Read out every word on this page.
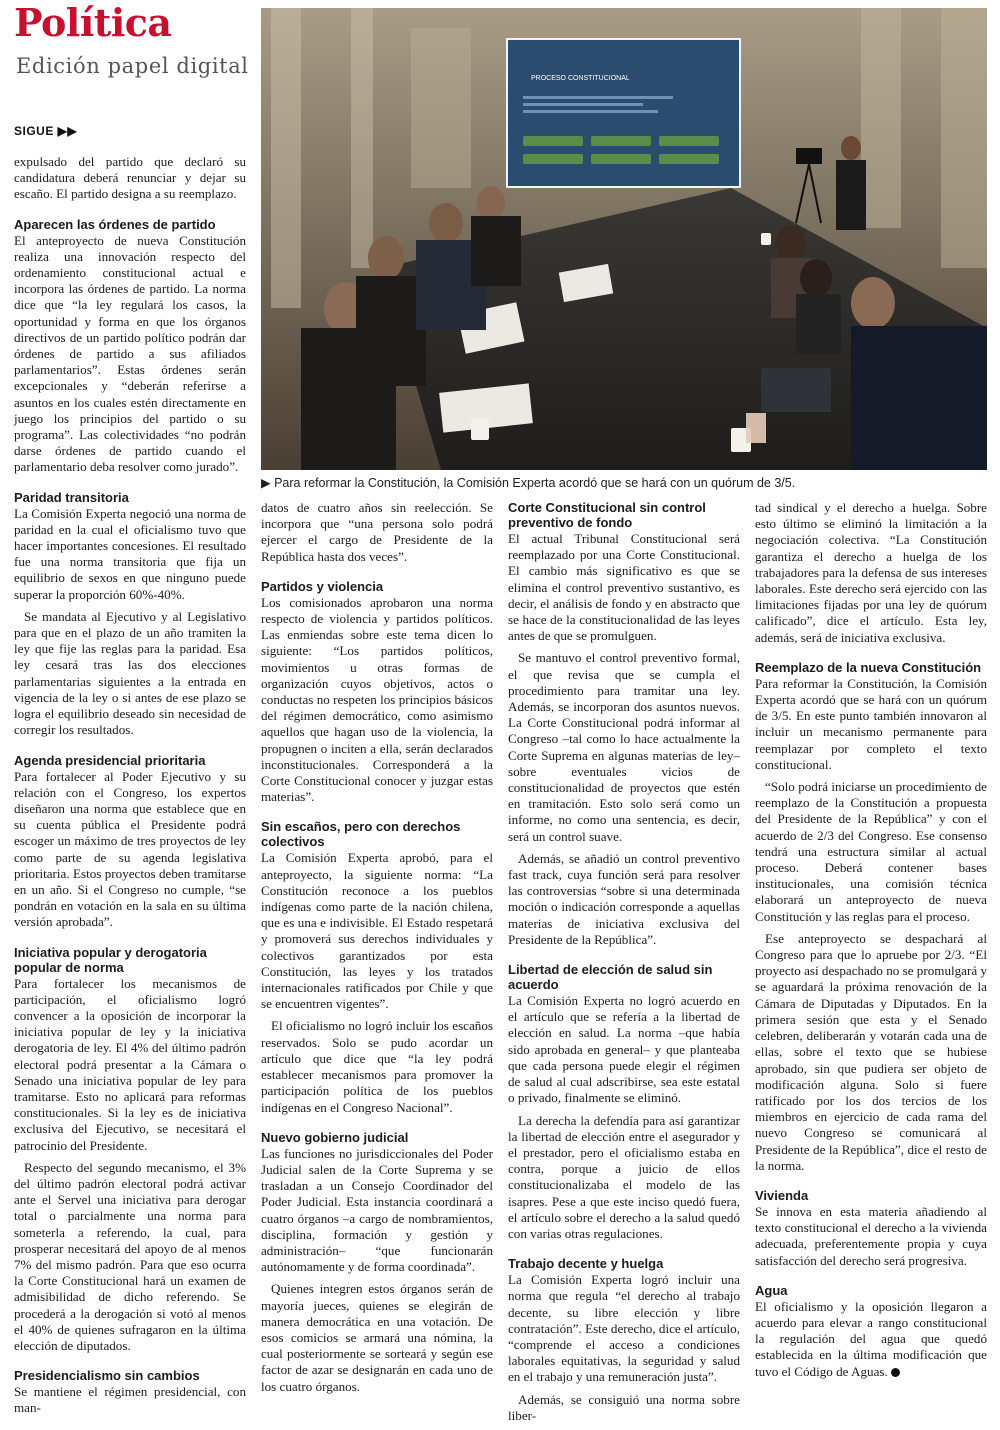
Política
Edición papel digital
SIGUE ▶▶
PROCESO CONSTITUCIONAL
▶ Para reformar la Constitución, la Comisión Experta acordó que se hará con un quórum de 3/5.

expulsado del partido que declaró su candidatura deberá renunciar y dejar su escaño. El partido designa a su reemplazo.

Aparecen las órdenes de partido

El anteproyecto de nueva Constitución realiza una innovación respecto del ordenamiento constitucional actual e incorpora las órdenes de partido. La norma dice que “la ley regulará los casos, la oportunidad y forma en que los órganos directivos de un partido político podrán dar órdenes de partido a sus afiliados parlamentarios”. Estas órdenes serán excepcionales y “deberán referirse a asuntos en los cuales estén directamente en juego los principios del partido o su programa”. Las colectividades “no podrán darse órdenes de partido cuando el parlamentario deba resolver como jurado”.

Paridad transitoria

La Comisión Experta negoció una norma de paridad en la cual el oficialismo tuvo que hacer importantes concesiones. El resultado fue una norma transitoria que fija un equilibrio de sexos en que ninguno puede superar la proporción 60%-40%.

Se mandata al Ejecutivo y al Legislativo para que en el plazo de un año tramiten la ley que fije las reglas para la paridad. Esa ley cesará tras las dos elecciones parlamentarias siguientes a la entrada en vigencia de la ley o si antes de ese plazo se logra el equilibrio deseado sin necesidad de corregir los resultados.

Agenda presidencial prioritaria

Para fortalecer al Poder Ejecutivo y su relación con el Congreso, los expertos diseñaron una norma que establece que en su cuenta pública el Presidente podrá escoger un máximo de tres proyectos de ley como parte de su agenda legislativa prioritaria. Estos proyectos deben tramitarse en un año. Si el Congreso no cumple, “se pondrán en votación en la sala en su última versión aprobada”.

Iniciativa popular y derogatoria popular de norma

Para fortalecer los mecanismos de participación, el oficialismo logró convencer a la oposición de incorporar la iniciativa popular de ley y la iniciativa derogatoria de ley. El 4% del último padrón electoral podrá presentar a la Cámara o Senado una iniciativa popular de ley para tramitarse. Esto no aplicará para reformas constitucionales. Si la ley es de iniciativa exclusiva del Ejecutivo, se necesitará el patrocinio del Presidente.

Respecto del segundo mecanismo, el 3% del último padrón electoral podrá activar ante el Servel una iniciativa para derogar total o parcialmente una norma para someterla a referendo, la cual, para prosperar necesitará del apoyo de al menos 7% del mismo padrón. Para que eso ocurra la Corte Constitucional hará un examen de admisibilidad de dicho referendo. Se procederá a la derogación si votó al menos el 40% de quienes sufragaron en la última elección de diputados.

Presidencialismo sin cambios

Se mantiene el régimen presidencial, con man-

datos de cuatro años sin reelección. Se incorpora que “una persona solo podrá ejercer el cargo de Presidente de la República hasta dos veces”.

Partidos y violencia

Los comisionados aprobaron una norma respecto de violencia y partidos políticos. Las enmiendas sobre este tema dicen lo siguiente: “Los partidos políticos, movimientos u otras formas de organización cuyos objetivos, actos o conductas no respeten los principios básicos del régimen democrático, como asimismo aquellos que hagan uso de la violencia, la propugnen o inciten a ella, serán declarados inconstitucionales. Corresponderá a la Corte Constitucional conocer y juzgar estas materias”.

Sin escaños, pero con derechos colectivos

La Comisión Experta aprobó, para el anteproyecto, la siguiente norma: “La Constitución reconoce a los pueblos indígenas como parte de la nación chilena, que es una e indivisible. El Estado respetará y promoverá sus derechos individuales y colectivos garantizados por esta Constitución, las leyes y los tratados internacionales ratificados por Chile y que se encuentren vigentes”.

El oficialismo no logró incluir los escaños reservados. Solo se pudo acordar un artículo que dice que “la ley podrá establecer mecanismos para promover la participación política de los pueblos indígenas en el Congreso Nacional”.

Nuevo gobierno judicial

Las funciones no jurisdiccionales del Poder Judicial salen de la Corte Suprema y se trasladan a un Consejo Coordinador del Poder Judicial. Esta instancia coordinará a cuatro órganos –a cargo de nombramientos, disciplina, formación y gestión y administración– “que funcionarán autónomamente y de forma coordinada”.

Quienes integren estos órganos serán de mayoría jueces, quienes se elegirán de manera democrática en una votación. De esos comicios se armará una nómina, la cual posteriormente se sorteará y según ese factor de azar se designarán en cada uno de los cuatro órganos.

Corte Constitucional sin control preventivo de fondo

El actual Tribunal Constitucional será reemplazado por una Corte Constitucional. El cambio más significativo es que se elimina el control preventivo sustantivo, es decir, el análisis de fondo y en abstracto que se hace de la constitucionalidad de las leyes antes de que se promulguen.

Se mantuvo el control preventivo formal, el que revisa que se cumpla el procedimiento para tramitar una ley. Además, se incorporan dos asuntos nuevos. La Corte Constitucional podrá informar al Congreso –tal como lo hace actualmente la Corte Suprema en algunas materias de ley– sobre eventuales vicios de constitucionalidad de proyectos que estén en tramitación. Esto solo será como un informe, no como una sentencia, es decir, será un control suave.

Además, se añadió un control preventivo fast track, cuya función será para resolver las controversias “sobre si una determinada moción o indicación corresponde a aquellas materias de iniciativa exclusiva del Presidente de la República”.

Libertad de elección de salud sin acuerdo

La Comisión Experta no logró acuerdo en el artículo que se refería a la libertad de elección en salud. La norma –que había sido aprobada en general– y que planteaba que cada persona puede elegir el régimen de salud al cual adscribirse, sea este estatal o privado, finalmente se eliminó.

La derecha la defendía para así garantizar la libertad de elección entre el asegurador y el prestador, pero el oficialismo estaba en contra, porque a juicio de ellos constitucionalizaba el modelo de las isapres. Pese a que este inciso quedó fuera, el artículo sobre el derecho a la salud quedó con varias otras regulaciones.

Trabajo decente y huelga

La Comisión Experta logró incluir una norma que regula “el derecho al trabajo decente, su libre elección y libre contratación”. Este derecho, dice el artículo, “comprende el acceso a condiciones laborales equitativas, la seguridad y salud en el trabajo y una remuneración justa”.

Además, se consiguió una norma sobre liber-

tad sindical y el derecho a huelga. Sobre esto último se eliminó la limitación a la negociación colectiva. “La Constitución garantiza el derecho a huelga de los trabajadores para la defensa de sus intereses laborales. Este derecho será ejercido con las limitaciones fijadas por una ley de quórum calificado”, dice el artículo. Esta ley, además, será de iniciativa exclusiva.

Reemplazo de la nueva Constitución

Para reformar la Constitución, la Comisión Experta acordó que se hará con un quórum de 3/5. En este punto también innovaron al incluir un mecanismo permanente para reemplazar por completo el texto constitucional.

“Solo podrá iniciarse un procedimiento de reemplazo de la Constitución a propuesta del Presidente de la República” y con el acuerdo de 2/3 del Congreso. Ese consenso tendrá una estructura similar al actual proceso. Deberá contener bases institucionales, una comisión técnica elaborará un anteproyecto de nueva Constitución y las reglas para el proceso.

Ese anteproyecto se despachará al Congreso para que lo apruebe por 2/3. “El proyecto así despachado no se promulgará y se aguardará la próxima renovación de la Cámara de Diputadas y Diputados. En la primera sesión que esta y el Senado celebren, deliberarán y votarán cada una de ellas, sobre el texto que se hubiese aprobado, sin que pudiera ser objeto de modificación alguna. Solo si fuere ratificado por los dos tercios de los miembros en ejercicio de cada rama del nuevo Congreso se comunicará al Presidente de la República”, dice el resto de la norma.

Vivienda

Se innova en esta materia añadiendo al texto constitucional el derecho a la vivienda adecuada, preferentemente propia y cuya satisfacción del derecho será progresiva.

Agua

El oficialismo y la oposición llegaron a acuerdo para elevar a rango constitucional la regulación del agua que quedó establecida en la última modificación que tuvo el Código de Aguas.
